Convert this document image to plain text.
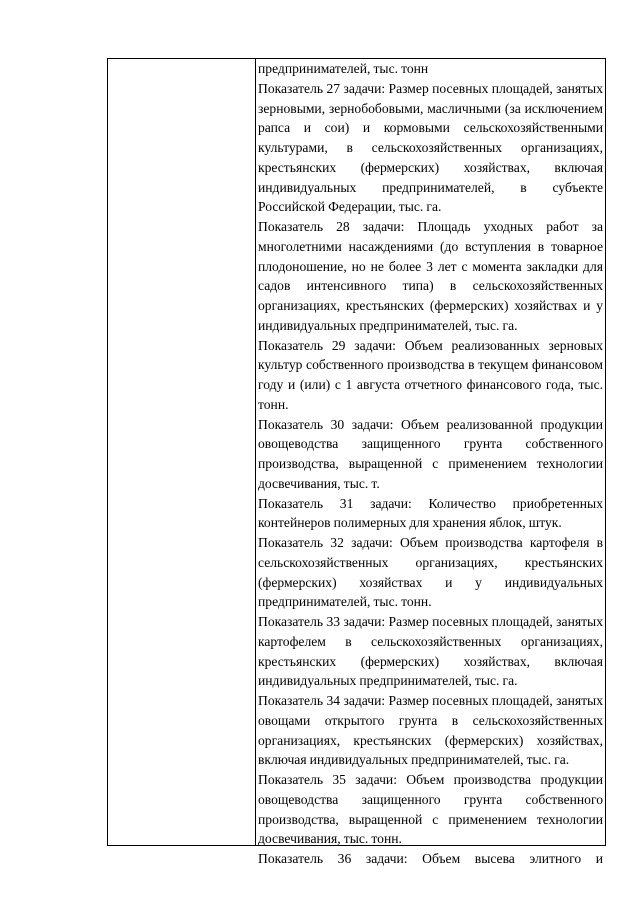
предпринимателей, тыс. тонн

Показатель 27 задачи: Размер посевных площадей, занятых зерновыми, зернобобовыми, масличными (за исключением рапса и сои) и кормовыми сельскохозяйственными культурами, в сельскохозяйственных организациях, крестьянских (фермерских) хозяйствах, включая индивидуальных предпринимателей, в субъекте Российской Федерации, тыс. га.

Показатель 28 задачи: Площадь уходных работ за многолетними насаждениями (до вступления в товарное плодоношение, но не более 3 лет с момента закладки для садов интенсивного типа) в сельскохозяйственных организациях, крестьянских (фермерских) хозяйствах и у индивидуальных предпринимателей, тыс. га.

Показатель 29 задачи: Объем реализованных зерновых культур собственного производства в текущем финансовом году и (или) с 1 августа отчетного финансового года, тыс. тонн.

Показатель 30 задачи: Объем реализованной продукции овощеводства защищенного грунта собственного производства, выращенной с применением технологии досвечивания, тыс. т.

Показатель 31 задачи: Количество приобретенных контейнеров полимерных для хранения яблок, штук.

Показатель 32 задачи: Объем производства картофеля в сельскохозяйственных организациях, крестьянских (фермерских) хозяйствах и у индивидуальных предпринимателей, тыс. тонн.

Показатель 33 задачи: Размер посевных площадей, занятых картофелем в сельскохозяйственных организациях, крестьянских (фермерских) хозяйствах, включая индивидуальных предпринимателей, тыс. га.

Показатель 34 задачи: Размер посевных площадей, занятых овощами открытого грунта в сельскохозяйственных организациях, крестьянских (фермерских) хозяйствах, включая индивидуальных предпринимателей, тыс. га.

Показатель 35 задачи: Объем производства продукции овощеводства защищенного грунта собственного производства, выращенной с применением технологии досвечивания, тыс. тонн.

Показатель 36 задачи: Объем высева элитного и
